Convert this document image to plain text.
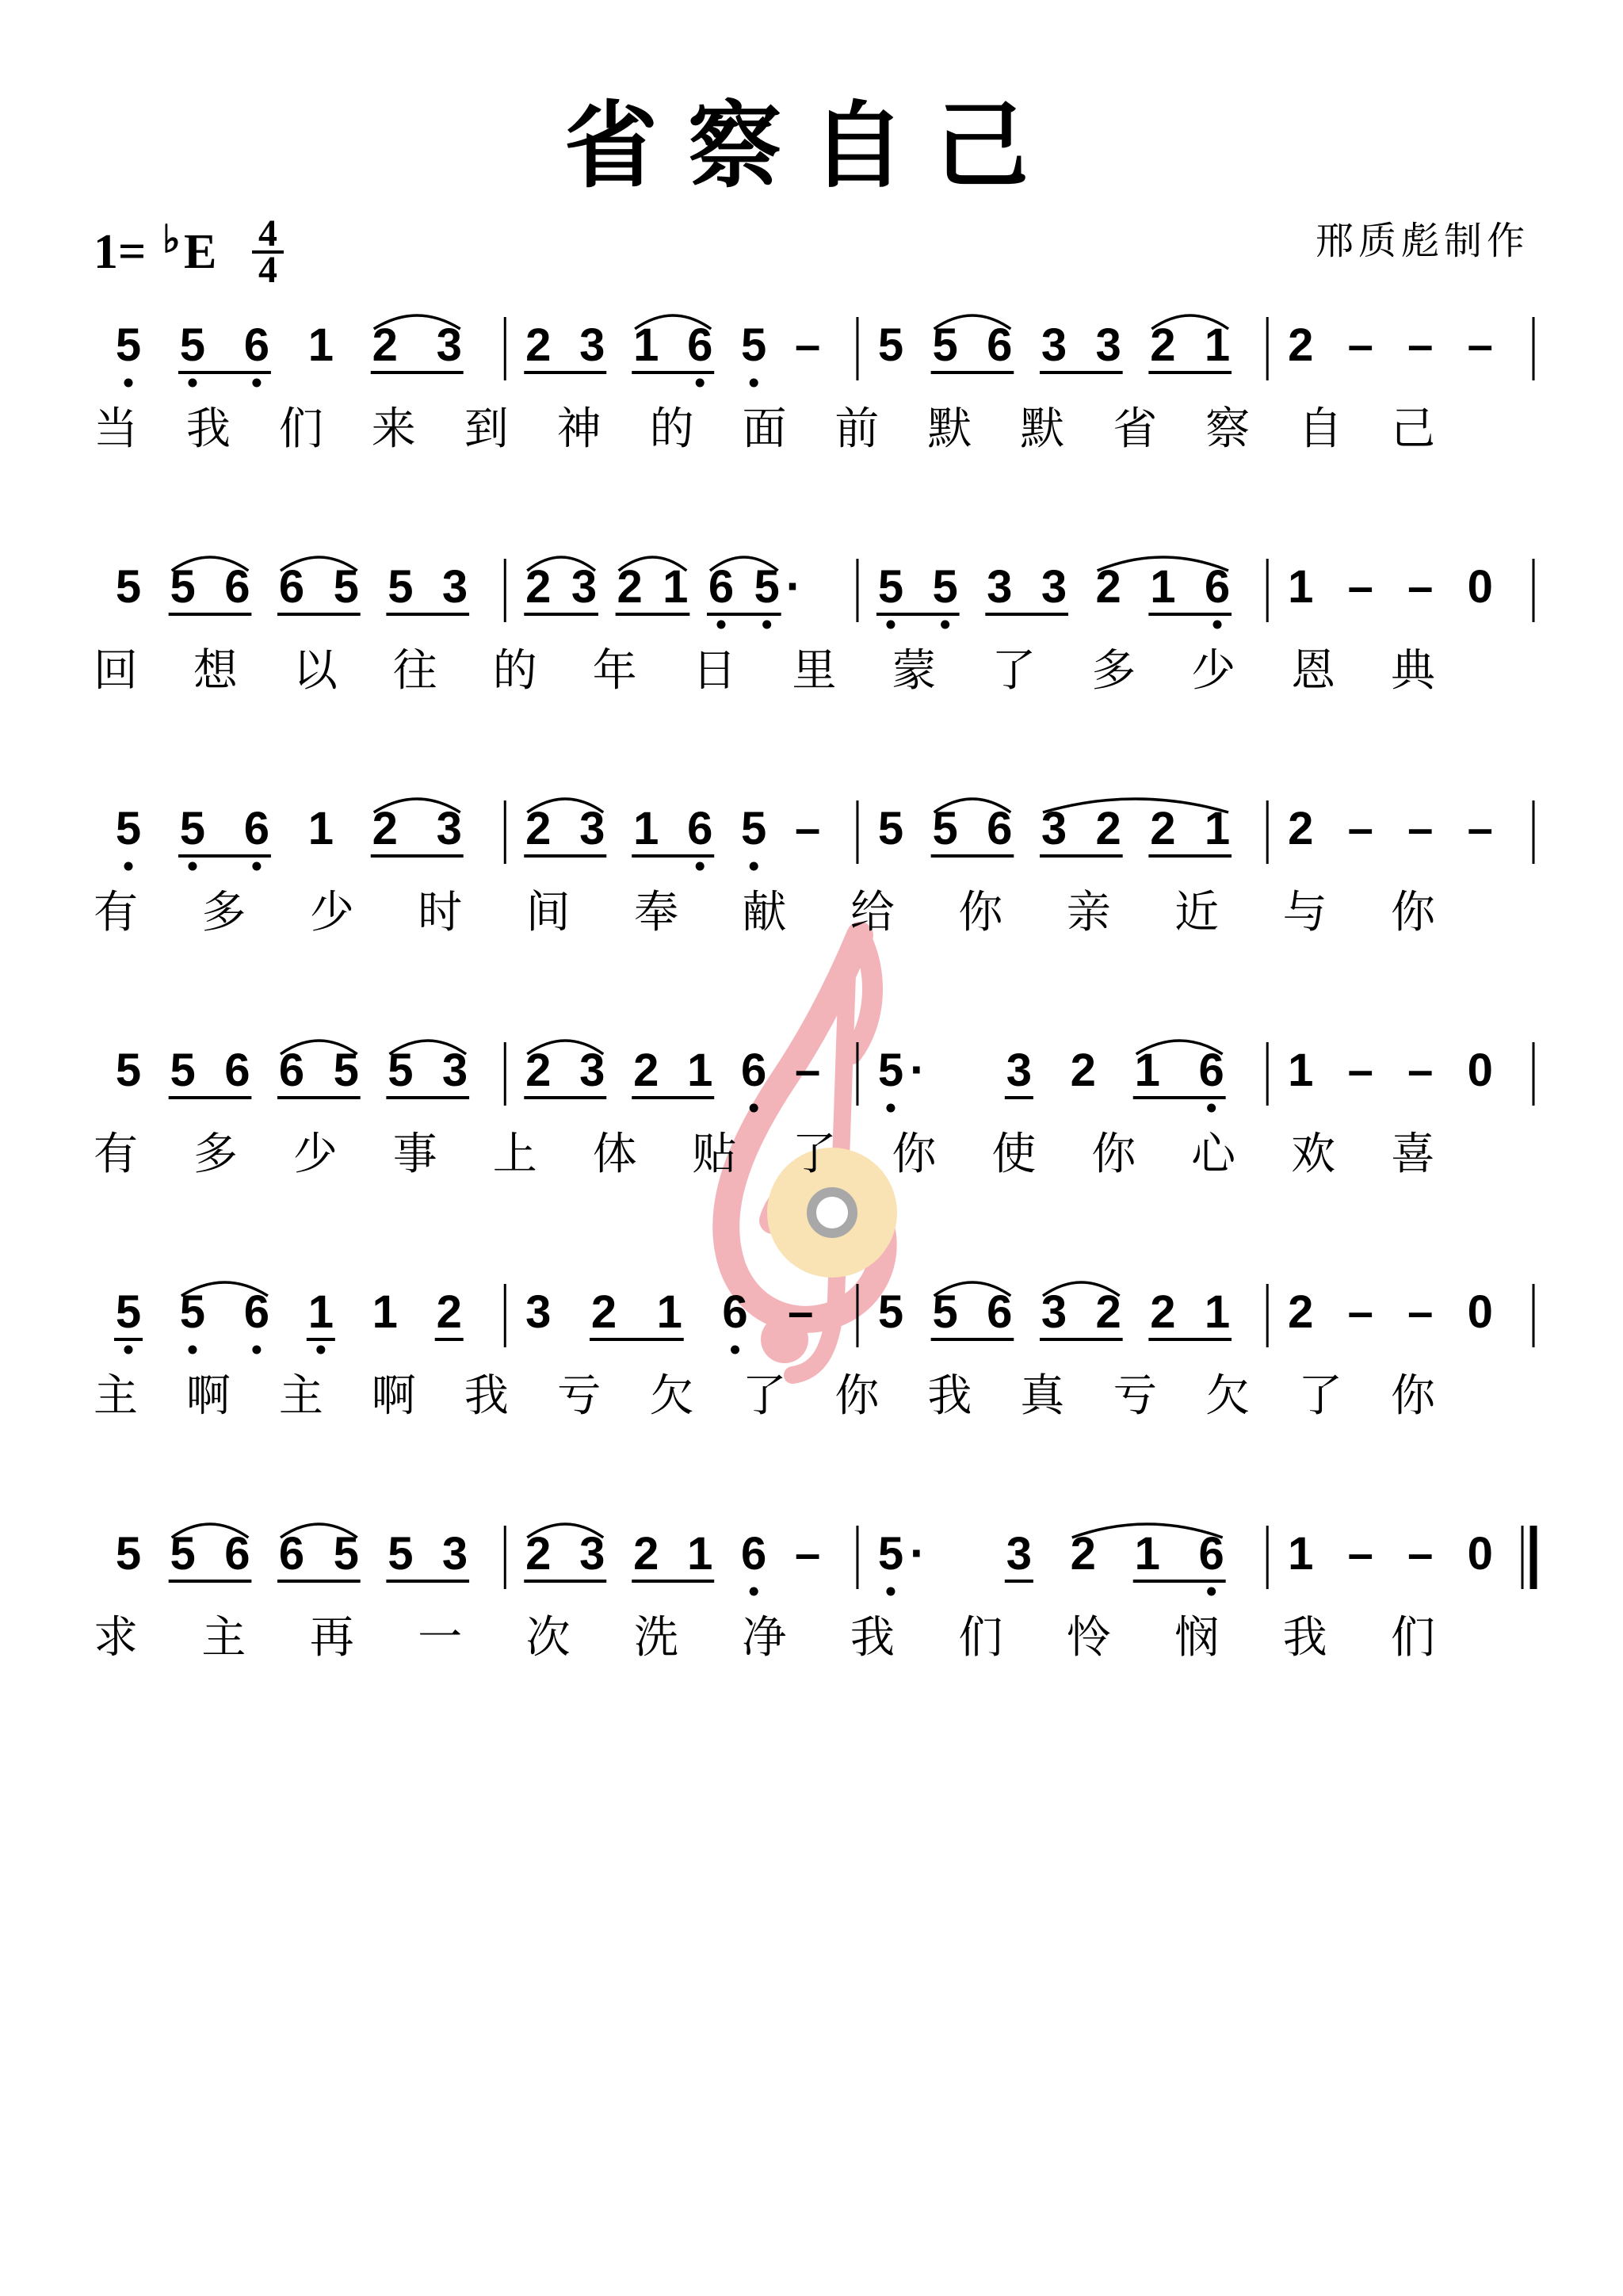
省察自己
1= ♭ E 4
4
邢质彪制作
5 5 6 1 2 3 2 3 1 6 5 – 5 5 6 3 3 2 1 2 – – –
当 我 们 来 到 神 的 面 前 默 默 省 察 自 己
5 5 6 6 5 5 3 2 3 2 1 6 5 · 5 5 3 3 2 1 6 1 – – 0
回 想 以 往 的 年 日 里 蒙 了 多 少 恩 典
5 5 6 1 2 3 2 3 1 6 5 – 5 5 6 3 2 2 1 2 – – –
有 多 少 时 间 奉 献 给 你 亲 近 与 你
5 5 6 6 5 5 3 2 3 2 1 6 – 5 · 3 2 1 6 1 – – 0
有 多 少 事 上 体 贴 了 你 使 你 心 欢 喜
5 5 6 1 1 2 3 2 1 6 – 5 5 6 3 2 2 1 2 – – 0
主 啊 主 啊 我 亏 欠 了 你 我 真 亏 欠 了 你
5 5 6 6 5 5 3 2 3 2 1 6 – 5 · 3 2 1 6 1 – – 0
求 主 再 一 次 洗 净 我 们 怜 悯 我 们
